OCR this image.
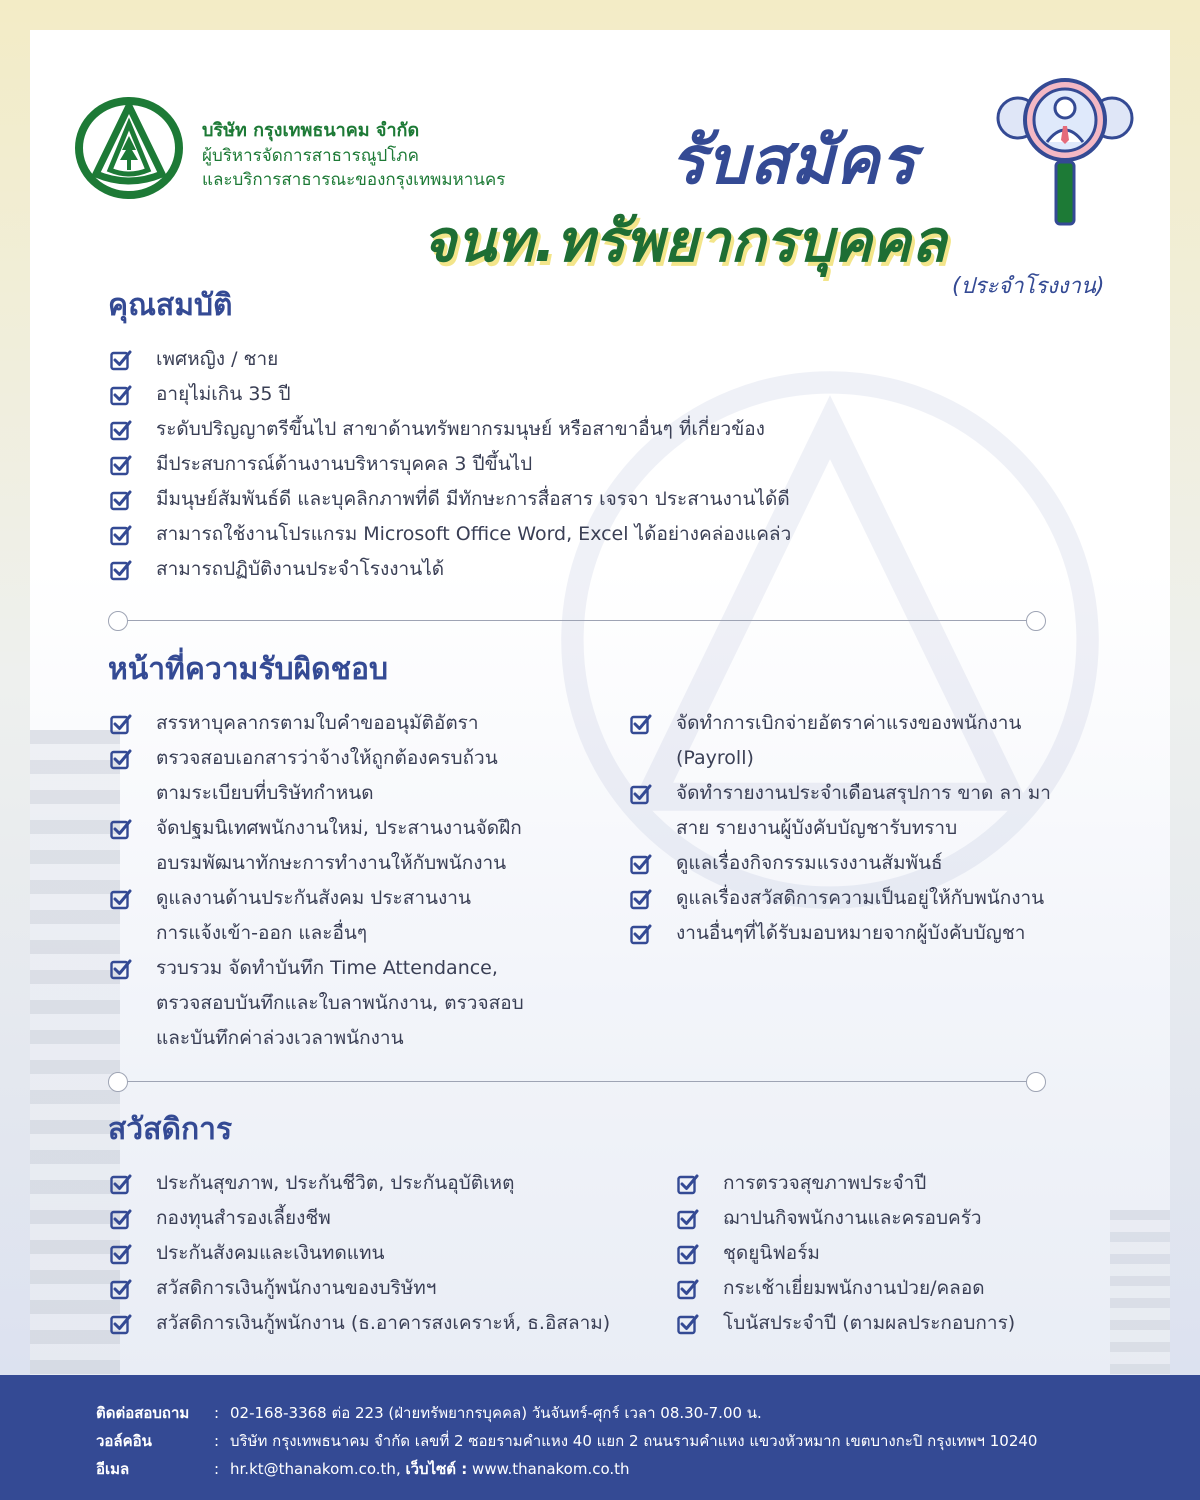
บริษัท กรุงเทพธนาคม จำกัด
ผู้บริหารจัดการสาธารณูปโภค
และบริการสาธารณะของกรุงเทพมหานคร รับสมัคร
จนท.ทรัพยากรบุคคล
(ประจำโรงงาน)
คุณสมบัติ
เพศหญิง / ชาย
อายุไม่เกิน 35 ปี
ระดับปริญญาตรีขึ้นไป สาขาด้านทรัพยากรมนุษย์ หรือสาขาอื่นๆ ที่เกี่ยวข้อง
มีประสบการณ์ด้านงานบริหารบุคคล 3 ปีขึ้นไป
มีมนุษย์สัมพันธ์ดี และบุคลิกภาพที่ดี มีทักษะการสื่อสาร เจรจา ประสานงานได้ดี
สามารถใช้งานโปรแกรม Microsoft Office Word, Excel ได้อย่างคล่องแคล่ว
สามารถปฏิบัติงานประจำโรงงานได้
หน้าที่ความรับผิดชอบ
สรรหาบุคลากรตามใบคำขออนุมัติอัตรา
ตรวจสอบเอกสารว่าจ้างให้ถูกต้องครบถ้วน
ตามระเบียบที่บริษัทกำหนด
จัดปฐมนิเทศพนักงานใหม่, ประสานงานจัดฝึก
อบรมพัฒนาทักษะการทำงานให้กับพนักงาน
ดูแลงานด้านประกันสังคม ประสานงาน
การแจ้งเข้า-ออก และอื่นๆ
รวบรวม จัดทำบันทึก Time Attendance,
ตรวจสอบบันทึกและใบลาพนักงาน, ตรวจสอบ
และบันทึกค่าล่วงเวลาพนักงาน
จัดทำการเบิกจ่ายอัตราค่าแรงของพนักงาน
(Payroll)
จัดทำรายงานประจำเดือนสรุปการ ขาด ลา มา
สาย รายงานผู้บังคับบัญชารับทราบ
ดูแลเรื่องกิจกรรมแรงงานสัมพันธ์
ดูแลเรื่องสวัสดิการความเป็นอยู่ให้กับพนักงาน
งานอื่นๆที่ได้รับมอบหมายจากผู้บังคับบัญชา
สวัสดิการ
ประกันสุขภาพ, ประกันชีวิต, ประกันอุบัติเหตุ
กองทุนสำรองเลี้ยงชีพ
ประกันสังคมและเงินทดแทน
สวัสดิการเงินกู้พนักงานของบริษัทฯ
สวัสดิการเงินกู้พนักงาน (ธ.อาคารสงเคราะห์, ธ.อิสลาม)
การตรวจสุขภาพประจำปี
ฌาปนกิจพนักงานและครอบครัว
ชุดยูนิฟอร์ม
กระเช้าเยี่ยมพนักงานป่วย/คลอด
โบนัสประจำปี (ตามผลประกอบการ)
ติดต่อสอบถาม	: 02-168-3368 ต่อ 223 (ฝ่ายทรัพยากรบุคคล) วันจันทร์-ศุกร์ เวลา 08.30-7.00 น.
วอล์คอิน	: บริษัท กรุงเทพธนาคม จำกัด เลขที่ 2 ซอยรามคำแหง 40 แยก 2 ถนนรามคำแหง แขวงหัวหมาก เขตบางกะปิ กรุงเทพฯ 10240
อีเมล	: hr.kt@thanakom.co.th,
เว็บไซต์ :
www.thanakom.co.th
